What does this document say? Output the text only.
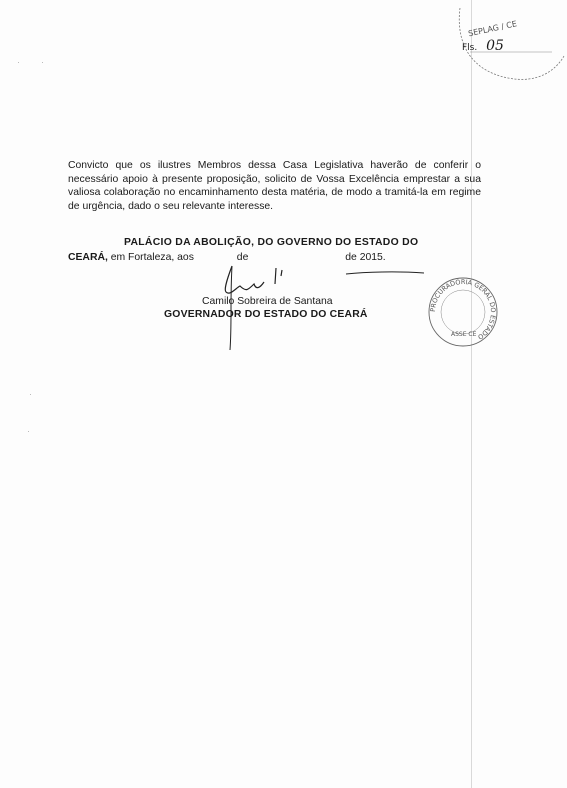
SEPLAG / CE
Fls. 05
Convicto que os ilustres Membros dessa Casa Legislativa haverão de conferir o necessário apoio à presente proposição, solicito de Vossa Excelência emprestar a sua valiosa colaboração no encaminhamento desta matéria, de modo a tramitá-la em regime de urgência, dado o seu relevante interesse.
PALÁCIO DA ABOLIÇÃO, DO GOVERNO DO ESTADO DO
CEARÁ, em Fortaleza, aos	de	de 2015.
Camilo Sobreira de Santana
GOVERNADOR DO ESTADO DO CEARÁ	PROCURADORIA GERAL DO ESTADO
ASSE CE
